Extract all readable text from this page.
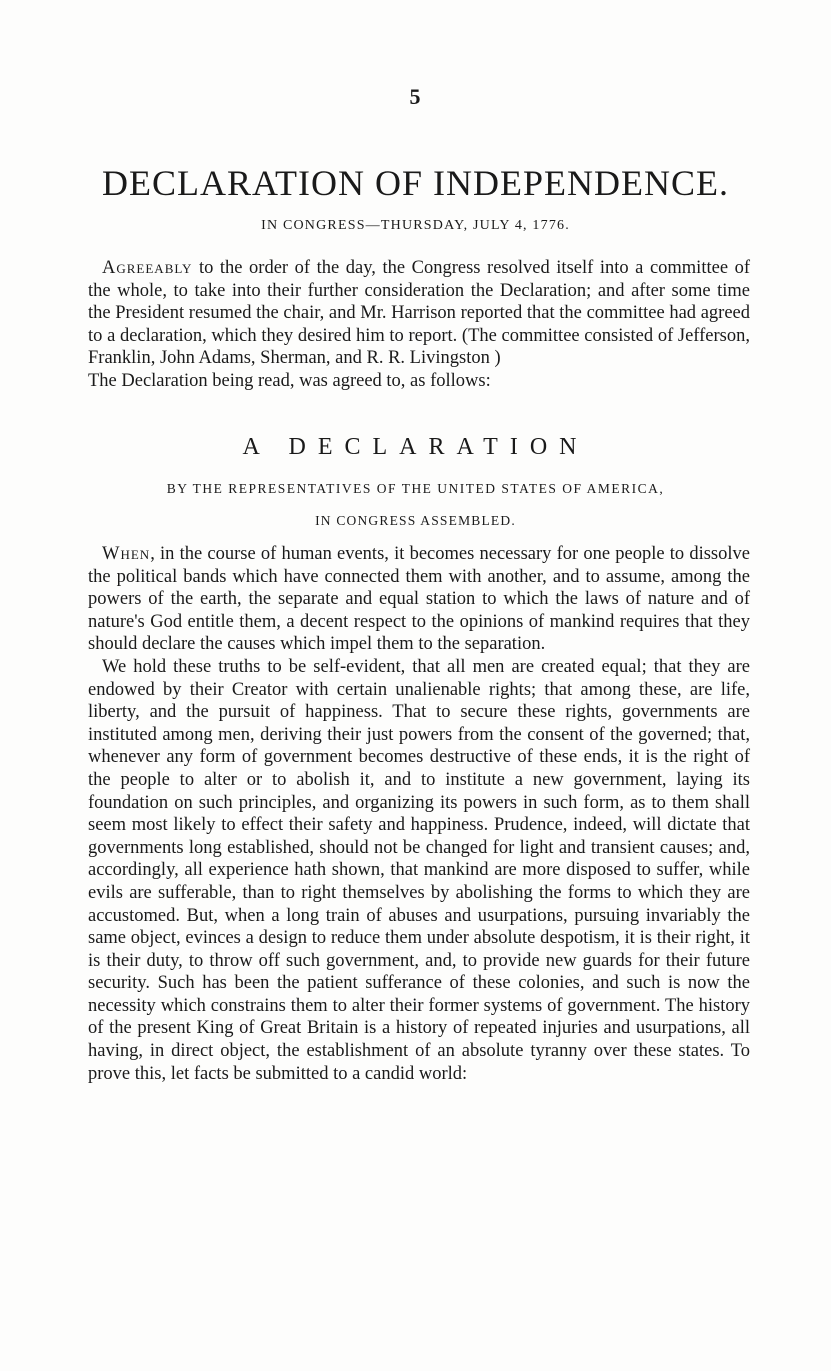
5
DECLARATION OF INDEPENDENCE.
IN CONGRESS—THURSDAY, JULY 4, 1776.

Agreeably to the order of the day, the Congress resolved itself into a committee of the whole, to take into their further consideration the Declaration; and after some time the President resumed the chair, and Mr. Harrison reported that the committee had agreed to a declaration, which they desired him to report. (The committee consisted of Jefferson, Franklin, John Adams, Sherman, and R. R. Livingston )

The Declaration being read, was agreed to, as follows:

A DECLARATION
BY THE REPRESENTATIVES OF THE UNITED STATES OF AMERICA,
IN CONGRESS ASSEMBLED.

When, in the course of human events, it becomes necessary for one people to dissolve the political bands which have connected them with another, and to assume, among the powers of the earth, the separate and equal station to which the laws of nature and of nature's God entitle them, a decent respect to the opinions of mankind requires that they should declare the causes which impel them to the separation.

We hold these truths to be self-evident, that all men are created equal; that they are endowed by their Creator with certain unalienable rights; that among these, are life, liberty, and the pursuit of happiness. That to secure these rights, governments are instituted among men, deriving their just powers from the consent of the governed; that, whenever any form of government becomes destructive of these ends, it is the right of the people to alter or to abolish it, and to institute a new government, laying its foundation on such principles, and organizing its powers in such form, as to them shall seem most likely to effect their safety and happiness. Prudence, indeed, will dictate that governments long established, should not be changed for light and transient causes; and, accordingly, all experience hath shown, that mankind are more disposed to suffer, while evils are sufferable, than to right themselves by abolishing the forms to which they are accustomed. But, when a long train of abuses and usurpations, pursuing invariably the same object, evinces a design to reduce them under absolute despotism, it is their right, it is their duty, to throw off such government, and, to provide new guards for their future security. Such has been the patient sufferance of these colonies, and such is now the necessity which constrains them to alter their former systems of government. The history of the present King of Great Britain is a history of repeated injuries and usurpations, all having, in direct object, the establishment of an absolute tyranny over these states. To prove this, let facts be submitted to a candid world:
